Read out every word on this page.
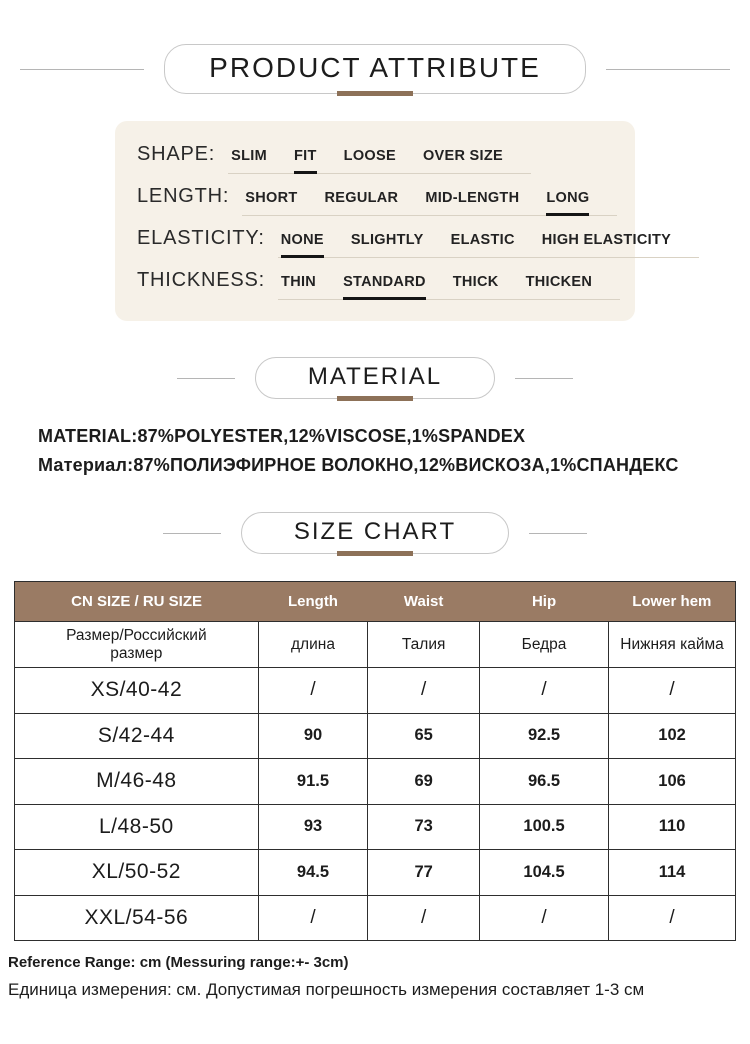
PRODUCT ATTRIBUTE
SHAPE: SLIM FIT LOOSE OVER SIZE
LENGTH: SHORT REGULAR MID-LENGTH LONG
ELASTICITY: NONE SLIGHTLY ELASTIC HIGH ELASTICITY
THICKNESS: THIN STANDARD THICK THICKEN
MATERIAL
MATERIAL:87%POLYESTER,12%VISCOSE,1%SPANDEX
Материал:87%ПОЛИЭФИРНОЕ ВОЛОКНО,12%ВИСКОЗА,1%СПАНДЕКС
SIZE CHART
CN SIZE / RU SIZE	Length	Waist	Hip	Lower hem
Размер/Российский размер	длина	Талия	Бедра	Нижняя кайма
XS/40-42	/	/	/	/
S/42-44	90	65	92.5	102
M/46-48	91.5	69	96.5	106
L/48-50	93	73	100.5	110
XL/50-52	94.5	77	104.5	114
XXL/54-56	/	/	/	/

Reference Range: cm (Messuring range:+- 3cm)

Единица измерения: см. Допустимая погрешность измерения составляет 1-3 см
